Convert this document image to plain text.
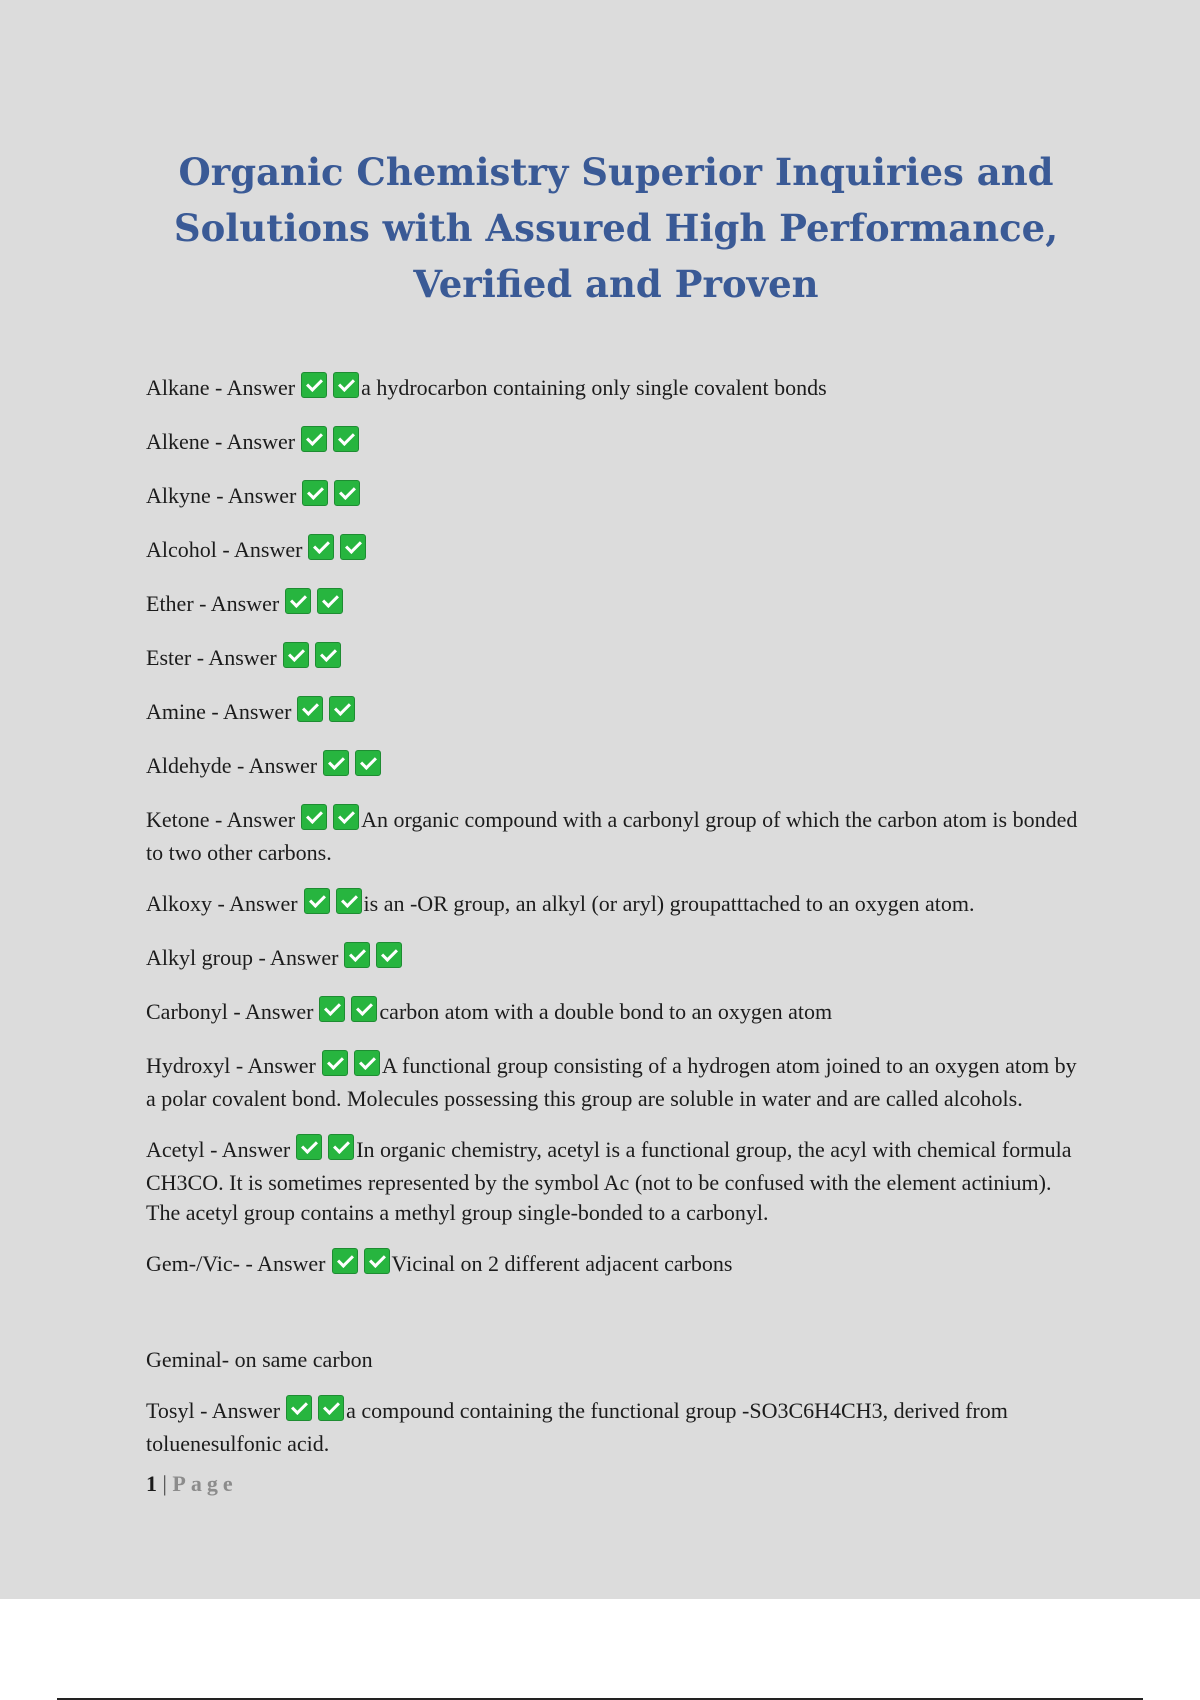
Organic Chemistry Superior Inquiries and Solutions with Assured High Performance, Verified and Proven

Alkane - Answer	a hydrocarbon containing only single covalent bonds

Alkene - Answer

Alkyne - Answer

Alcohol - Answer

Ether - Answer

Ester - Answer

Amine - Answer

Aldehyde - Answer

Ketone - Answer	An organic compound with a carbonyl group of which the carbon atom is bonded to two other carbons.

Alkoxy - Answer	is an -OR group, an alkyl (or aryl) groupatttached to an oxygen atom.

Alkyl group - Answer

Carbonyl - Answer	carbon atom with a double bond to an oxygen atom

Hydroxyl - Answer	A functional group consisting of a hydrogen atom joined to an oxygen atom by a polar covalent bond. Molecules possessing this group are soluble in water and are called alcohols.

Acetyl - Answer	In organic chemistry, acetyl is a functional group, the acyl with chemical formula CH3CO. It is sometimes represented by the symbol Ac (not to be confused with the element actinium). The acetyl group contains a methyl group single-bonded to a carbonyl.

Gem-/Vic- - Answer	Vicinal on 2 different adjacent carbons

Geminal- on same carbon

Tosyl - Answer	a compound containing the functional group -SO3C6H4CH3, derived from toluenesulfonic acid.

1 | Page
